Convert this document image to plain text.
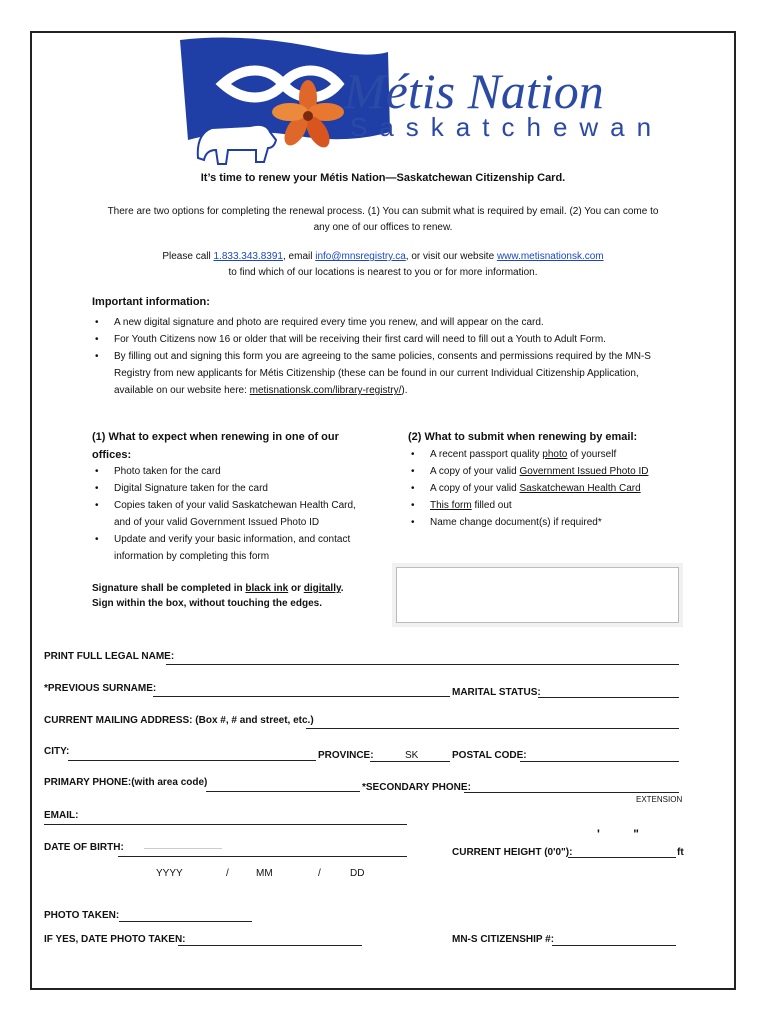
Métis Nation
Saskatchewan
It’s time to renew your Métis Nation—Saskatchewan Citizenship Card.
There are two options for completing the renewal process. (1) You can submit what is required by email. (2) You can come to
any one of our offices to renew.
Please call 1.833.343.8391, email info@mnsregistry.ca, or visit our website www.metisnationsk.com
to find which of our locations is nearest to you or for more information.
Important information:
• A new digital signature and photo are required every time you renew, and will appear on the card.
• For Youth Citizens now 16 or older that will be receiving their first card will need to fill out a Youth to Adult Form.
• By filling out and signing this form you are agreeing to the same policies, consents and permissions required by the MN-S Registry from new applicants for Métis Citizenship (these can be found in our current Individual Citizenship Application, available on our website here: metisnationsk.com/library-registry/).
(1) What to expect when renewing in one of our offices:
• Photo taken for the card
• Digital Signature taken for the card
• Copies taken of your valid Saskatchewan Health Card, and of your valid Government Issued Photo ID
• Update and verify your basic information, and contact information by completing this form
(2) What to submit when renewing by email:
• A recent passport quality photo of yourself
• A copy of your valid Government Issued Photo ID
• A copy of your valid Saskatchewan Health Card
• This form filled out
• Name change document(s) if required*
Signature shall be completed in black ink or digitally.
Sign within the box, without touching the edges.
PRINT FULL LEGAL NAME:
*PREVIOUS SURNAME:	MARITAL STATUS:
CURRENT MAILING ADDRESS: (Box #, # and street, etc.)
CITY:	PROVINCE:	SK	POSTAL CODE:
PRIMARY PHONE:(with area code)	*SECONDARY PHONE:
EXTENSION
EMAIL:
DATE OF BIRTH:
YYYY	/	MM	/	DD
'          "
CURRENT HEIGHT (0'0"):	ft
PHOTO TAKEN:
IF YES, DATE PHOTO TAKEN:	MN-S CITIZENSHIP #:
